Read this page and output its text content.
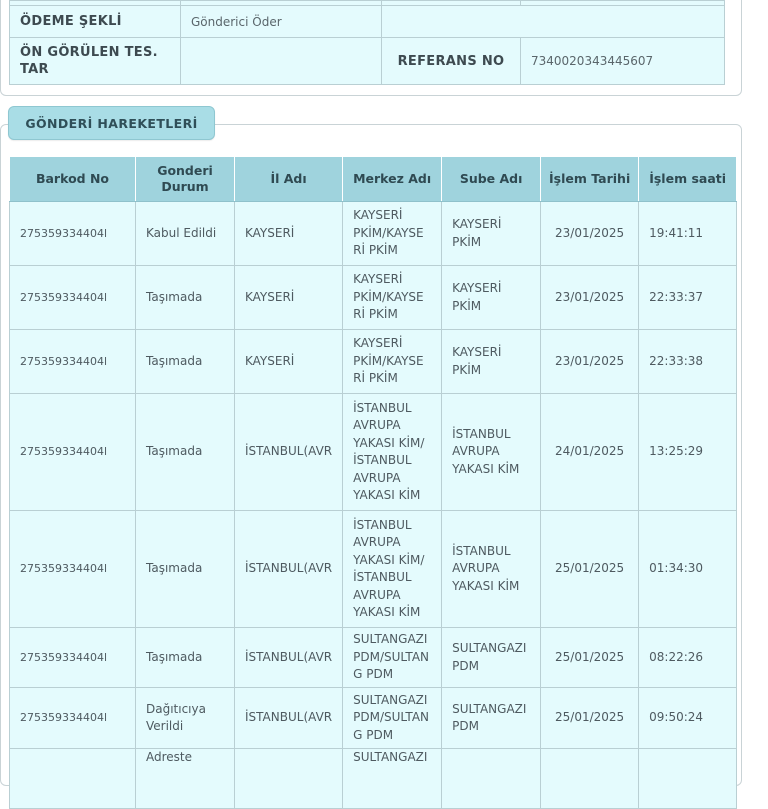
ÖDEME ŞEKLİ	Gönderici Öder		
ÖN GÖRÜLEN TES. TAR		REFERANS NO	7340020343445607
GÖNDERİ HAREKETLERİ
Barkod No	Gonderi Durum	İl Adı	Merkez Adı	Sube Adı	İşlem Tarihi	İşlem saati
275359334404l	Kabul Edildi	KAYSERİ	KAYSERİ PKİM/KAYSERİ PKİM	KAYSERİ PKİM	23/01/2025	19:41:11
275359334404l	Taşımada	KAYSERİ	KAYSERİ PKİM/KAYSERİ PKİM	KAYSERİ PKİM	23/01/2025	22:33:37
275359334404l	Taşımada	KAYSERİ	KAYSERİ PKİM/KAYSERİ PKİM	KAYSERİ PKİM	23/01/2025	22:33:38
275359334404l	Taşımada	İSTANBUL(AVR	İSTANBUL AVRUPA YAKASI KİM/ İSTANBUL AVRUPA YAKASI KİM	İSTANBUL AVRUPA YAKASI KİM	24/01/2025	13:25:29
275359334404l	Taşımada	İSTANBUL(AVR	İSTANBUL AVRUPA YAKASI KİM/ İSTANBUL AVRUPA YAKASI KİM	İSTANBUL AVRUPA YAKASI KİM	25/01/2025	01:34:30
275359334404l	Taşımada	İSTANBUL(AVR	SULTANGAZI PDM/SULTANG PDM	SULTANGAZI PDM	25/01/2025	08:22:26
275359334404l	Dağıtıcıya Verildi	İSTANBUL(AVR	SULTANGAZI PDM/SULTANG PDM	SULTANGAZI PDM	25/01/2025	09:50:24
	Adreste		SULTANGAZI			
